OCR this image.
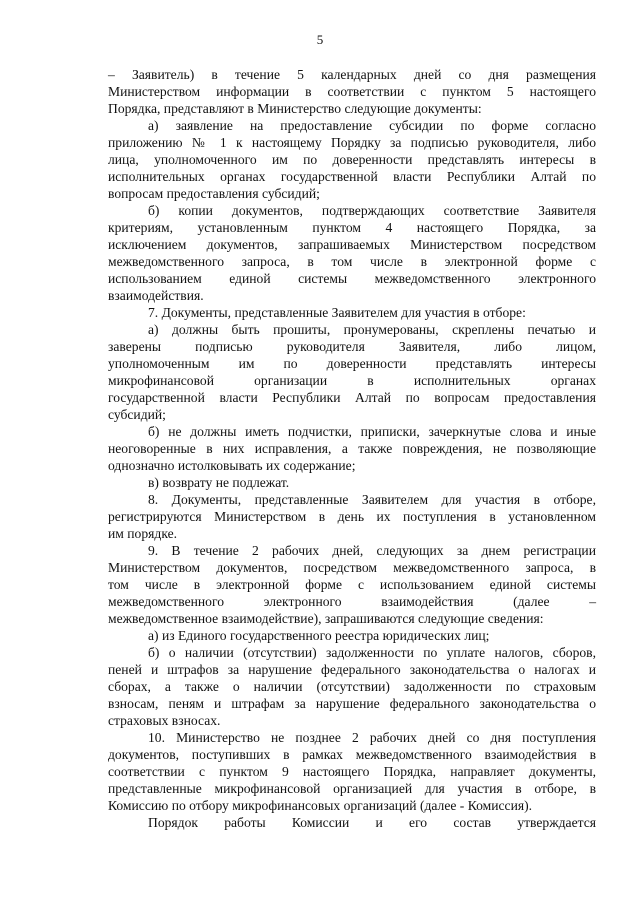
5
– Заявитель) в течение 5 календарных дней со дня размещения
Министерством информации в соответствии с пунктом 5 настоящего
Порядка, представляют в Министерство следующие документы:
а) заявление на предоставление субсидии по форме согласно
приложению № 1 к настоящему Порядку за подписью руководителя, либо
лица, уполномоченного им по доверенности представлять интересы в
исполнительных органах государственной власти Республики Алтай по
вопросам предоставления субсидий;
б) копии документов, подтверждающих соответствие Заявителя
критериям, установленным пунктом 4 настоящего Порядка, за
исключением документов, запрашиваемых Министерством посредством
межведомственного запроса, в том числе в электронной форме с
использованием единой системы межведомственного электронного
взаимодействия.
7. Документы, представленные Заявителем для участия в отборе:
а) должны быть прошиты, пронумерованы, скреплены печатью и
заверены подписью руководителя Заявителя, либо лицом,
уполномоченным им по доверенности представлять интересы
микрофинансовой организации в исполнительных органах
государственной власти Республики Алтай по вопросам предоставления
субсидий;
б) не должны иметь подчистки, приписки, зачеркнутые слова и иные
неоговоренные в них исправления, а также повреждения, не позволяющие
однозначно истолковывать их содержание;
в) возврату не подлежат.
8. Документы, представленные Заявителем для участия в отборе,
регистрируются Министерством в день их поступления в установленном
им порядке.
9. В течение 2 рабочих дней, следующих за днем регистрации
Министерством документов, посредством межведомственного запроса, в
том числе в электронной форме с использованием единой системы
межведомственного электронного взаимодействия (далее –
межведомственное взаимодействие), запрашиваются следующие сведения:
а) из Единого государственного реестра юридических лиц;
б) о наличии (отсутствии) задолженности по уплате налогов, сборов,
пеней и штрафов за нарушение федерального законодательства о налогах и
сборах, а также о наличии (отсутствии) задолженности по страховым
взносам, пеням и штрафам за нарушение федерального законодательства о
страховых взносах.
10. Министерство не позднее 2 рабочих дней со дня поступления
документов, поступивших в рамках межведомственного взаимодействия в
соответствии с пунктом 9 настоящего Порядка, направляет документы,
представленные микрофинансовой организацией для участия в отборе, в
Комиссию по отбору микрофинансовых организаций (далее - Комиссия).
Порядок работы Комиссии и его состав утверждается
